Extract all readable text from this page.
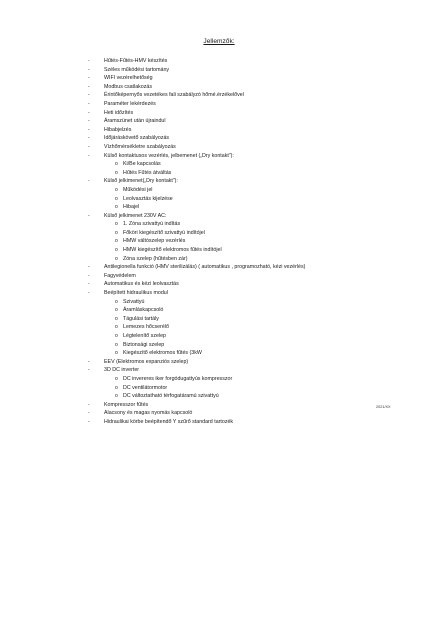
Jellemzők:
-	Hűtés-Fűtés-HMV készítés
-	Széles működési tartomány
-	WIFI vezérelhetőség
-	Modbus csatlakozás
-	Érintőképernyős vezetékes fali szabályzó hőmé.érzékelővel
-	Paraméter lekérdezés
-	Heti időzítés
-	Áramszünet után újraindul
-	Hibabjelzés
-	Időjáráskövető szabályozás
-	Vízhőmérsékletre szabályozás
-	Külső kontaktusos vezérlés, jelbemenet („Dry kontakt”):
o Ki/Be kapcsolás
o Hűtés Fűtés átváltás
-	Külső jelkimenet(„Dry kontakt”):
o Működési jel
o Leolvasztás kijelzése
o Hibajel
-	Külső jelkimenet 230V AC:
o 1. Zóna szivattyú indítás
o Főköri kiegészítő szivattyú indítójel
o HMW váltószelep vezérlés
o HMW kiegészítő elektromos fűtés indítójel
o Zóna szelep (hűtésben zár)
-	Antilegionella funkció (HMV sterilizálás) ( automatikus , programozható, kézi vezérlés)
-	Fagyvédelem
-	Automatikus és kézi leolvasztás
-	Beépített hidraulikus modul
o Szivattyú
o Áramláskapcsoló
o Tágulási tartály
o Lemezes hőcserélő
o Légtelenítő szelep
o Biztonsági szelep
o Kiegészítő elektromos fűtés (3kW
-	EEV (Elektromos expanziós szelep)
-	3D DC inverter
o DC invereres iker forgódugattyús kompresszor
o DC ventilátormotor
o DC változtatható térfogatáramú szivattyú
-	Kompresszor fűtés
-	Alacsony és magas nyomás kapcsoló
-	Hidraulikai körbe beépítendő Y szűrő standard tartozék
2021/XX
